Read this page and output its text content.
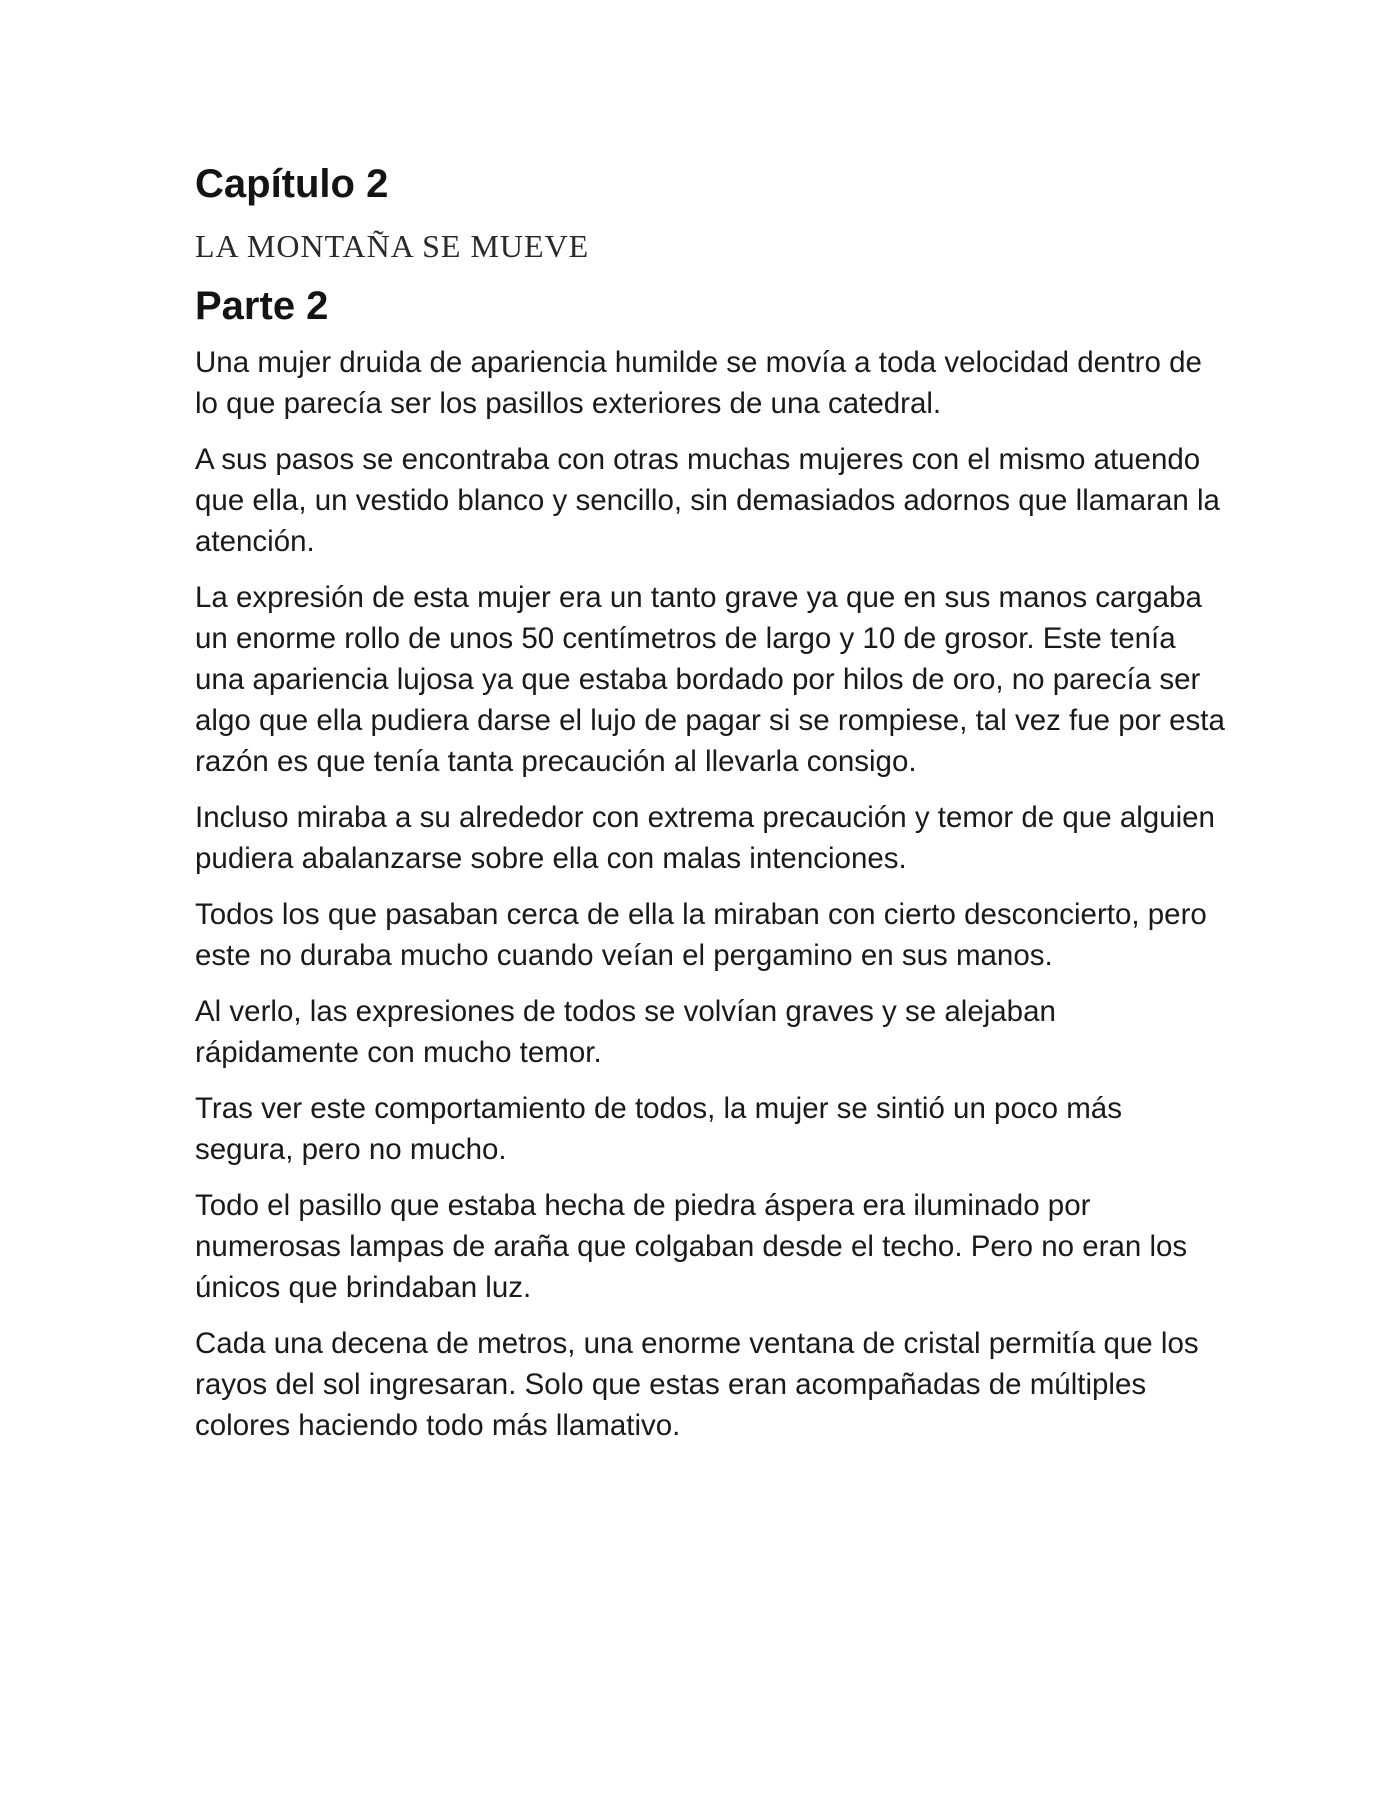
Capítulo 2
LA MONTAÑA SE MUEVE
Parte 2

Una mujer druida de apariencia humilde se movía a toda velocidad dentro de lo que parecía ser los pasillos exteriores de una catedral.

A sus pasos se encontraba con otras muchas mujeres con el mismo atuendo que ella, un vestido blanco y sencillo, sin demasiados adornos que llamaran la atención.

La expresión de esta mujer era un tanto grave ya que en sus manos cargaba un enorme rollo de unos 50 centímetros de largo y 10 de grosor. Este tenía una apariencia lujosa ya que estaba bordado por hilos de oro, no parecía ser algo que ella pudiera darse el lujo de pagar si se rompiese, tal vez fue por esta razón es que tenía tanta precaución al llevarla consigo.

Incluso miraba a su alrededor con extrema precaución y temor de que alguien pudiera abalanzarse sobre ella con malas intenciones.

Todos los que pasaban cerca de ella la miraban con cierto desconcierto, pero este no duraba mucho cuando veían el pergamino en sus manos.

Al verlo, las expresiones de todos se volvían graves y se alejaban rápidamente con mucho temor.

Tras ver este comportamiento de todos, la mujer se sintió un poco más segura, pero no mucho.

Todo el pasillo que estaba hecha de piedra áspera era iluminado por numerosas lampas de araña que colgaban desde el techo. Pero no eran los únicos que brindaban luz.

Cada una decena de metros, una enorme ventana de cristal permitía que los rayos del sol ingresaran. Solo que estas eran acompañadas de múltiples colores haciendo todo más llamativo.
